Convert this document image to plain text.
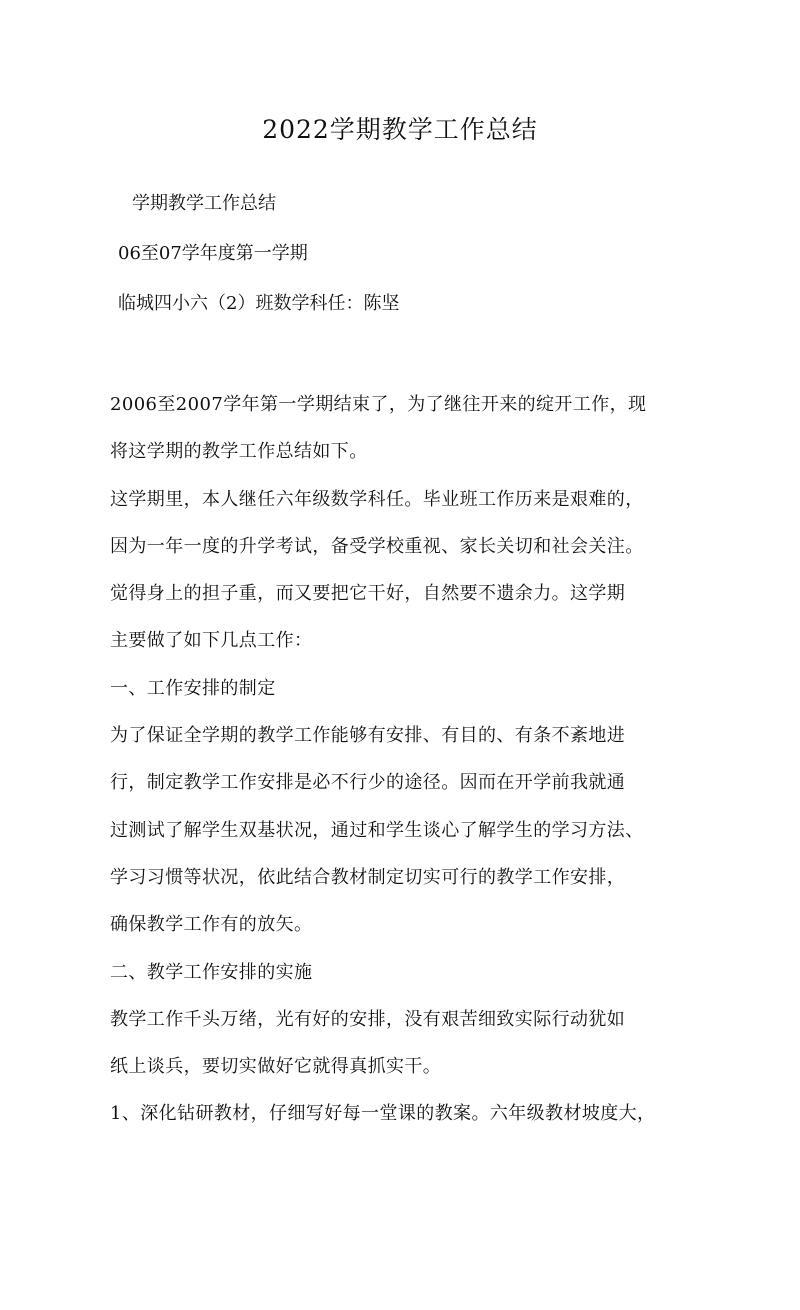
2022学期教学工作总结
学期教学工作总结
06至07学年度第一学期
临城四小六（2）班数学科任：陈坚
2006至2007学年第一学期结束了，为了继往开来的绽开工作，现
将这学期的教学工作总结如下。
这学期里，本人继任六年级数学科任。毕业班工作历来是艰难的，
因为一年一度的升学考试，备受学校重视、家长关切和社会关注。
觉得身上的担子重，而又要把它干好，自然要不遗余力。这学期
主要做了如下几点工作：
一、工作安排的制定
为了保证全学期的教学工作能够有安排、有目的、有条不紊地进
行，制定教学工作安排是必不行少的途径。因而在开学前我就通
过测试了解学生双基状况，通过和学生谈心了解学生的学习方法、
学习习惯等状况，依此结合教材制定切实可行的教学工作安排，
确保教学工作有的放矢。
二、教学工作安排的实施
教学工作千头万绪，光有好的安排，没有艰苦细致实际行动犹如
纸上谈兵，要切实做好它就得真抓实干。
1、深化钻研教材，仔细写好每一堂课的教案。六年级教材坡度大，
